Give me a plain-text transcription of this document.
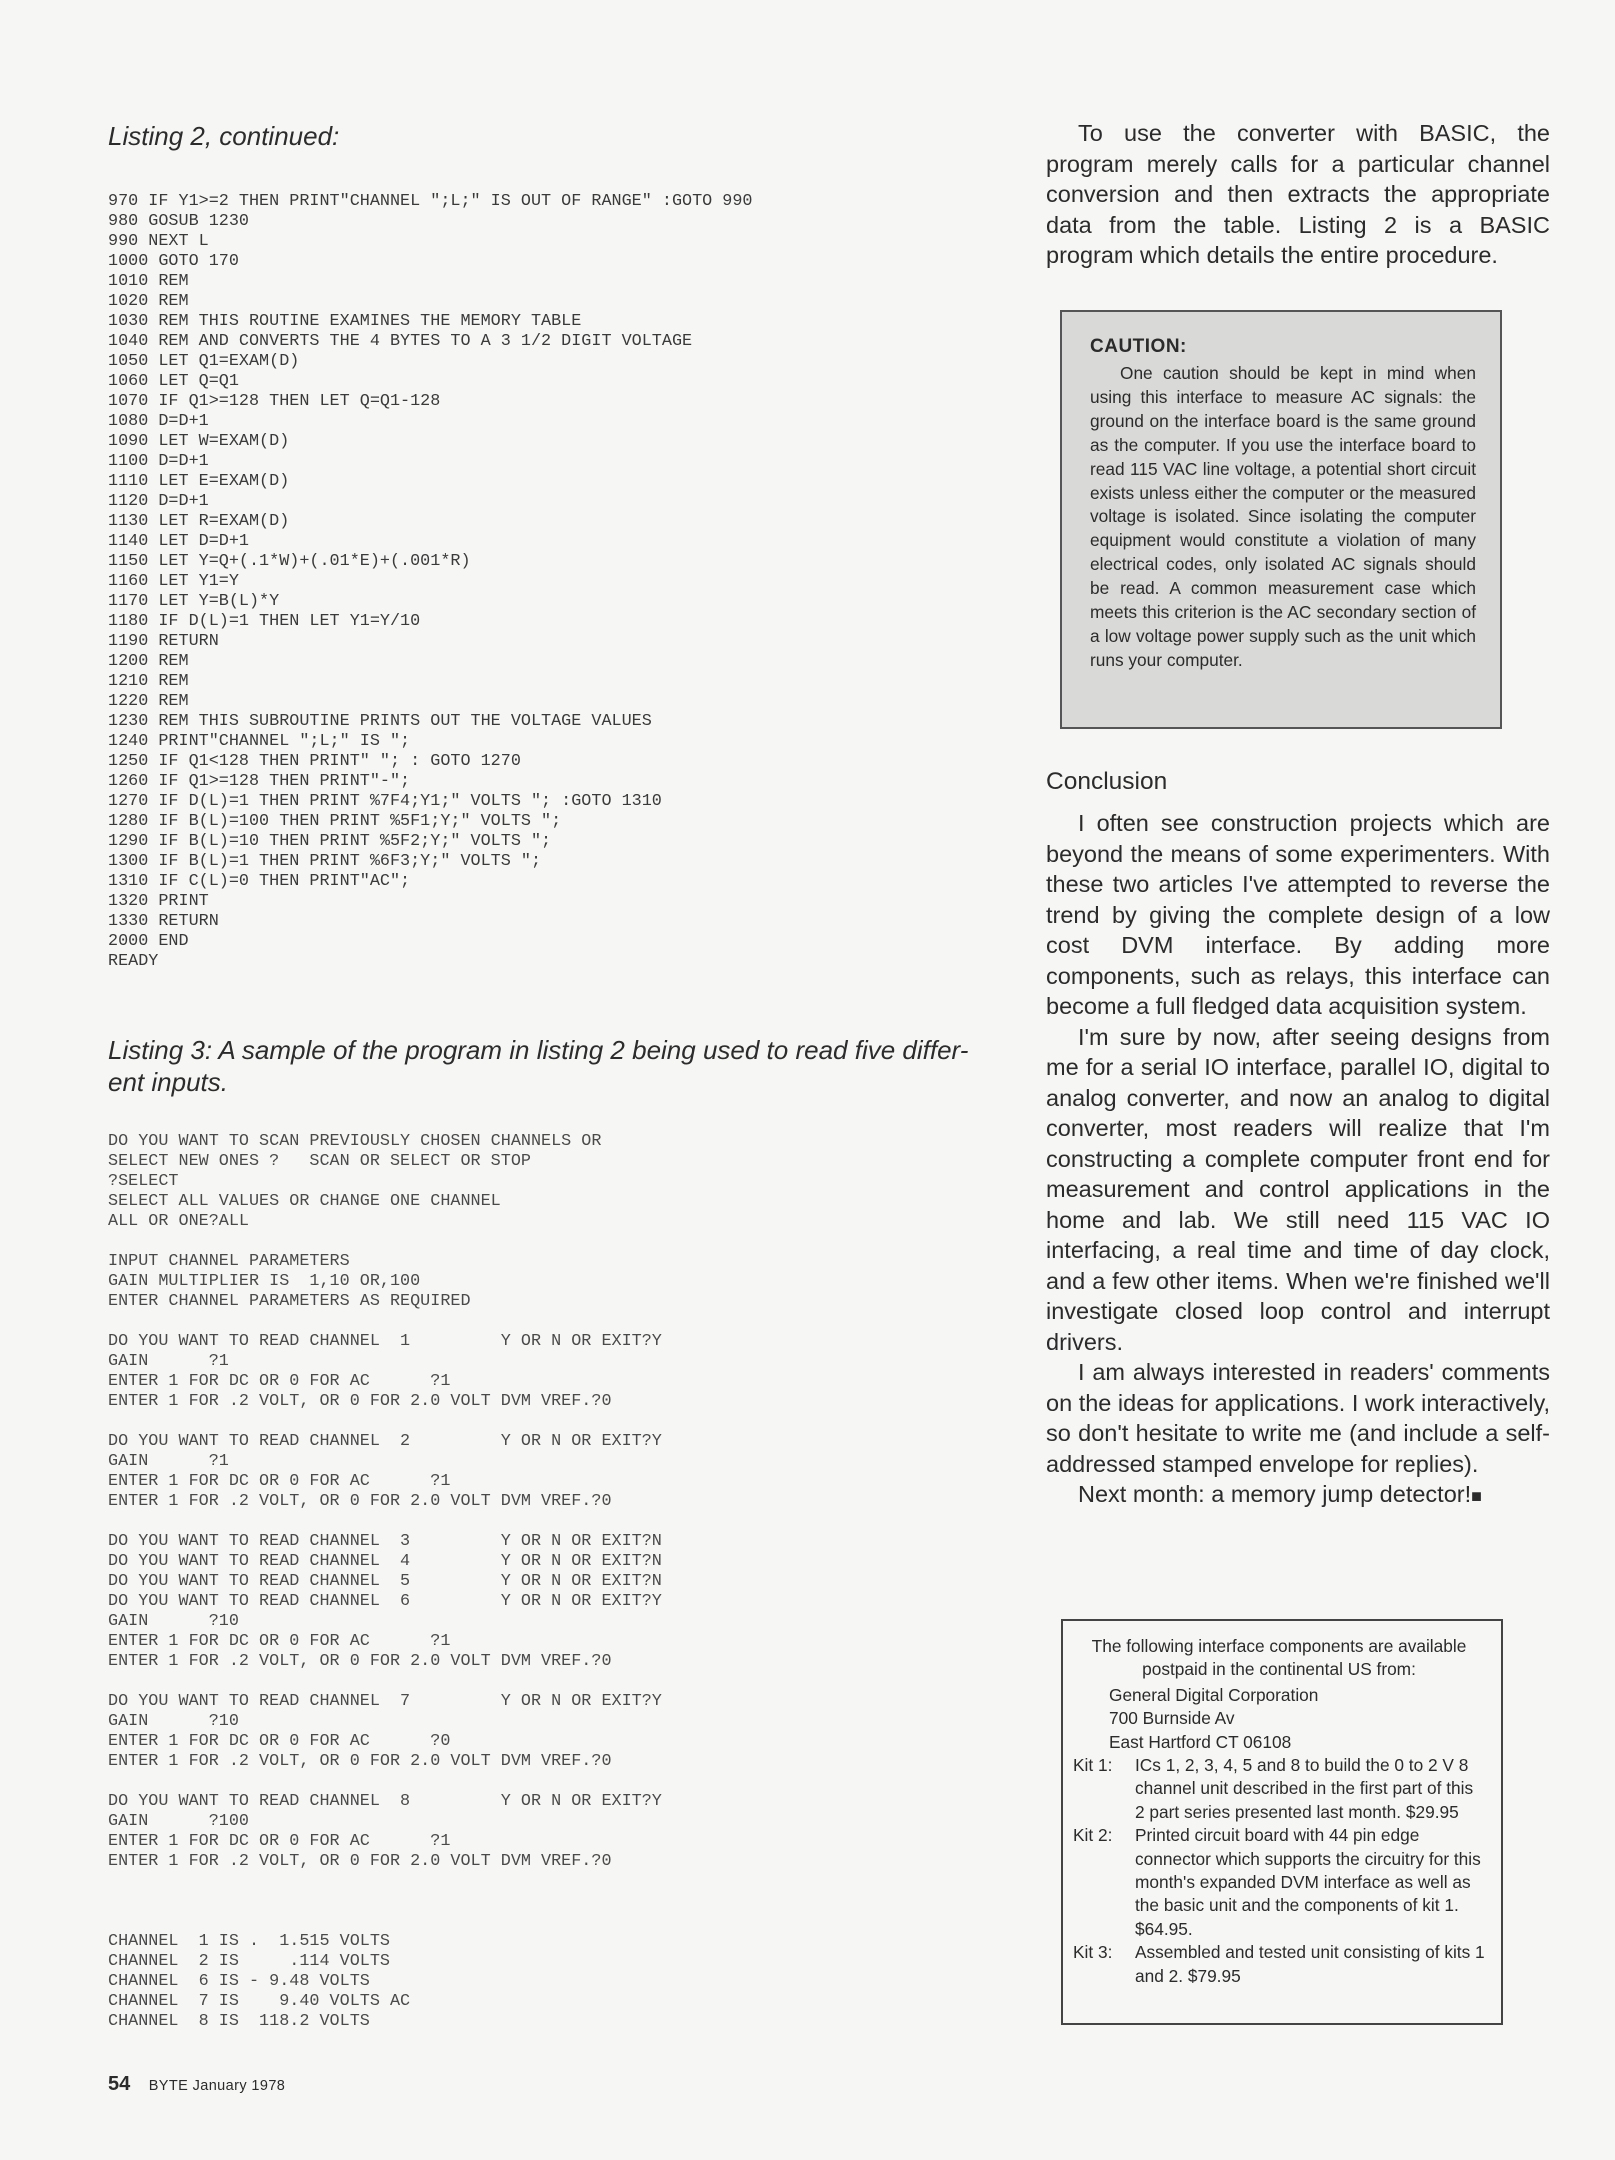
Listing 2, continued:
970 IF Y1>=2 THEN PRINT"CHANNEL ";L;" IS OUT OF RANGE" :GOTO 990
980 GOSUB 1230
990 NEXT L
1000 GOTO 170
1010 REM
1020 REM
1030 REM THIS ROUTINE EXAMINES THE MEMORY TABLE
1040 REM AND CONVERTS THE 4 BYTES TO A 3 1/2 DIGIT VOLTAGE
1050 LET Q1=EXAM(D)
1060 LET Q=Q1
1070 IF Q1>=128 THEN LET Q=Q1-128
1080 D=D+1
1090 LET W=EXAM(D)
1100 D=D+1
1110 LET E=EXAM(D)
1120 D=D+1
1130 LET R=EXAM(D)
1140 LET D=D+1
1150 LET Y=Q+(.1*W)+(.01*E)+(.001*R)
1160 LET Y1=Y
1170 LET Y=B(L)*Y
1180 IF D(L)=1 THEN LET Y1=Y/10
1190 RETURN
1200 REM
1210 REM
1220 REM
1230 REM THIS SUBROUTINE PRINTS OUT THE VOLTAGE VALUES
1240 PRINT"CHANNEL ";L;" IS ";
1250 IF Q1<128 THEN PRINT" "; : GOTO 1270
1260 IF Q1>=128 THEN PRINT"-";
1270 IF D(L)=1 THEN PRINT %7F4;Y1;" VOLTS "; :GOTO 1310
1280 IF B(L)=100 THEN PRINT %5F1;Y;" VOLTS ";
1290 IF B(L)=10 THEN PRINT %5F2;Y;" VOLTS ";
1300 IF B(L)=1 THEN PRINT %6F3;Y;" VOLTS ";
1310 IF C(L)=0 THEN PRINT"AC";
1320 PRINT
1330 RETURN
2000 END
READY
Listing 3: A sample of the program in listing 2 being used to read five differ-
ent inputs.
DO YOU WANT TO SCAN PREVIOUSLY CHOSEN CHANNELS OR
SELECT NEW ONES ?   SCAN OR SELECT OR STOP
?SELECT
SELECT ALL VALUES OR CHANGE ONE CHANNEL
ALL OR ONE?ALL

INPUT CHANNEL PARAMETERS
GAIN MULTIPLIER IS  1,10 OR,100
ENTER CHANNEL PARAMETERS AS REQUIRED

DO YOU WANT TO READ CHANNEL  1         Y OR N OR EXIT?Y
GAIN      ?1
ENTER 1 FOR DC OR 0 FOR AC      ?1
ENTER 1 FOR .2 VOLT, OR 0 FOR 2.0 VOLT DVM VREF.?0

DO YOU WANT TO READ CHANNEL  2         Y OR N OR EXIT?Y
GAIN      ?1
ENTER 1 FOR DC OR 0 FOR AC      ?1
ENTER 1 FOR .2 VOLT, OR 0 FOR 2.0 VOLT DVM VREF.?0

DO YOU WANT TO READ CHANNEL  3         Y OR N OR EXIT?N
DO YOU WANT TO READ CHANNEL  4         Y OR N OR EXIT?N
DO YOU WANT TO READ CHANNEL  5         Y OR N OR EXIT?N
DO YOU WANT TO READ CHANNEL  6         Y OR N OR EXIT?Y
GAIN      ?10
ENTER 1 FOR DC OR 0 FOR AC      ?1
ENTER 1 FOR .2 VOLT, OR 0 FOR 2.0 VOLT DVM VREF.?0

DO YOU WANT TO READ CHANNEL  7         Y OR N OR EXIT?Y
GAIN      ?10
ENTER 1 FOR DC OR 0 FOR AC      ?0
ENTER 1 FOR .2 VOLT, OR 0 FOR 2.0 VOLT DVM VREF.?0

DO YOU WANT TO READ CHANNEL  8         Y OR N OR EXIT?Y
GAIN      ?100
ENTER 1 FOR DC OR 0 FOR AC      ?1
ENTER 1 FOR .2 VOLT, OR 0 FOR 2.0 VOLT DVM VREF.?0
CHANNEL  1 IS .  1.515 VOLTS
CHANNEL  2 IS     .114 VOLTS
CHANNEL  6 IS - 9.48 VOLTS
CHANNEL  7 IS    9.40 VOLTS AC
CHANNEL  8 IS  118.2 VOLTS

To use the converter with BASIC, the program merely calls for a particular channel conversion and then extracts the appropriate data from the table. Listing 2 is a BASIC program which details the entire procedure.

CAUTION:

One caution should be kept in mind when using this interface to measure AC signals: the ground on the interface board is the same ground as the computer. If you use the interface board to read 115 VAC line voltage, a potential short circuit exists unless either the computer or the measured voltage is isolated. Since isolating the computer equipment would constitute a violation of many electrical codes, only isolated AC signals should be read. A common measurement case which meets this criterion is the AC secondary section of a low voltage power supply such as the unit which runs your computer.

Conclusion

I often see construction projects which are beyond the means of some experimenters. With these two articles I've attempted to reverse the trend by giving the complete design of a low cost DVM interface. By adding more components, such as relays, this interface can become a full fledged data acquisition system.

I'm sure by now, after seeing designs from me for a serial IO interface, parallel IO, digital to analog converter, and now an analog to digital converter, most readers will realize that I'm constructing a complete computer front end for measurement and control applications in the home and lab. We still need 115 VAC IO interfacing, a real time and time of day clock, and a few other items. When we're finished we'll investigate closed loop control and interrupt drivers.

I am always interested in readers' comments on the ideas for applications. I work interactively, so don't hesitate to write me (and include a self-addressed stamped envelope for replies).

Next month: a memory jump detector!■

The following interface components are available postpaid in the continental US from:

General Digital Corporation
700 Burnside Av
East Hartford CT 06108
Kit 1:	ICs 1, 2, 3, 4, 5 and 8 to build the 0 to 2 V 8 channel unit described in the first part of this 2 part series presented last month. $29.95
Kit 2:	Printed circuit board with 44 pin edge connector which supports the circuitry for this month's expanded DVM interface as well as the basic unit and the components of kit 1. $64.95.
Kit 3:	Assembled and tested unit consisting of kits 1 and 2. $79.95
54 BYTE January 1978
